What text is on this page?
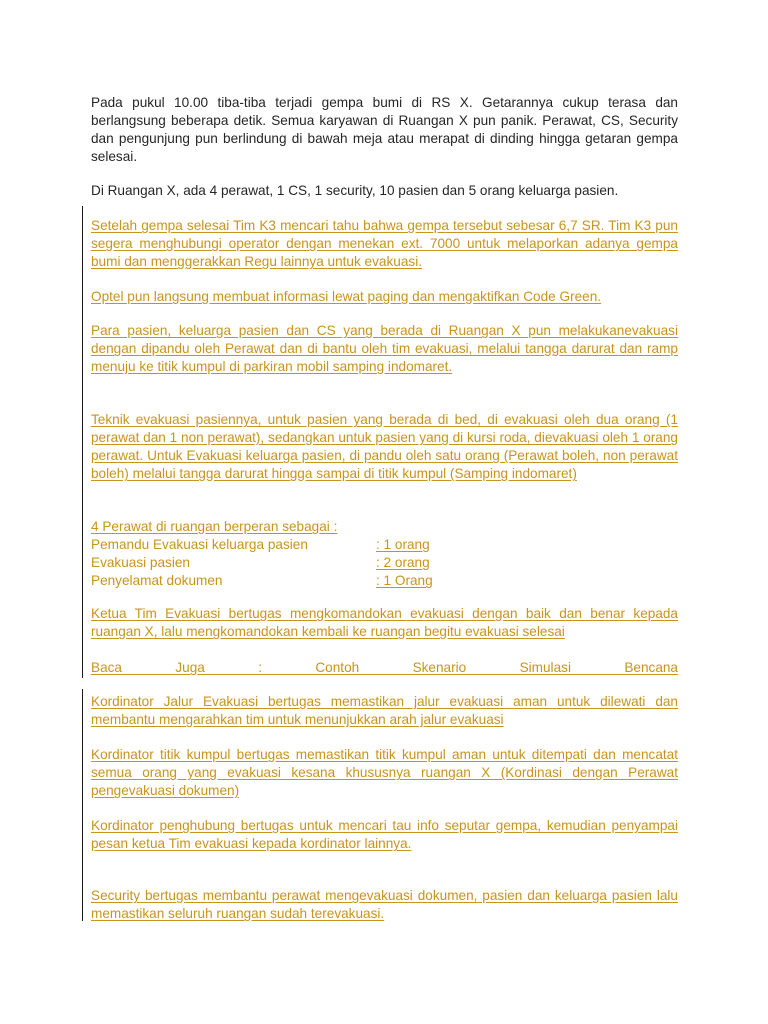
Pada pukul 10.00 tiba-tiba terjadi gempa bumi di RS X. Getarannya cukup terasa dan berlangsung beberapa detik. Semua karyawan di Ruangan X pun panik. Perawat, CS, Security dan pengunjung pun berlindung di bawah meja atau merapat di dinding hingga getaran gempa selesai.

Di Ruangan X, ada 4 perawat, 1 CS, 1 security, 10 pasien dan 5 orang keluarga pasien.

Setelah gempa selesai Tim K3 mencari tahu bahwa gempa tersebut sebesar 6,7 SR. Tim K3 pun segera menghubungi operator dengan menekan ext. 7000 untuk melaporkan adanya gempa bumi dan menggerakkan Regu lainnya untuk evakuasi.

Optel pun langsung membuat informasi lewat paging dan mengaktifkan Code Green.

Para pasien, keluarga pasien dan CS yang berada di Ruangan X pun melakukanevakuasi dengan dipandu oleh Perawat dan di bantu oleh tim evakuasi, melalui tangga darurat dan ramp menuju ke titik kumpul di parkiran mobil samping indomaret.

Teknik evakuasi pasiennya, untuk pasien yang berada di bed, di evakuasi oleh dua orang (1 perawat dan 1 non perawat), sedangkan untuk pasien yang di kursi roda, dievakuasi oleh 1 orang perawat. Untuk Evakuasi keluarga pasien, di pandu oleh satu orang (Perawat boleh, non perawat boleh) melalui tangga darurat hingga sampai di titik kumpul (Samping indomaret)

4 Perawat di ruangan berperan sebagai :
Pemandu Evakuasi keluarga pasien	: 1 orang
Evakuasi pasien	: 2 orang
Penyelamat dokumen	: 1 Orang

Ketua Tim Evakuasi bertugas mengkomandokan evakuasi dengan baik dan benar kepada ruangan X, lalu mengkomandokan kembali ke ruangan begitu evakuasi selesai

Baca Juga : Contoh Skenario Simulasi Bencana

Kordinator Jalur Evakuasi bertugas memastikan jalur evakuasi aman untuk dilewati dan membantu mengarahkan tim untuk menunjukkan arah jalur evakuasi

Kordinator titik kumpul bertugas memastikan titik kumpul aman untuk ditempati dan mencatat semua orang yang evakuasi kesana khususnya ruangan X (Kordinasi dengan Perawat pengevakuasi dokumen)

Kordinator penghubung bertugas untuk mencari tau info seputar gempa, kemudian penyampai pesan ketua Tim evakuasi kepada kordinator lainnya.

Security bertugas membantu perawat mengevakuasi dokumen, pasien dan keluarga pasien lalu memastikan seluruh ruangan sudah terevakuasi.
